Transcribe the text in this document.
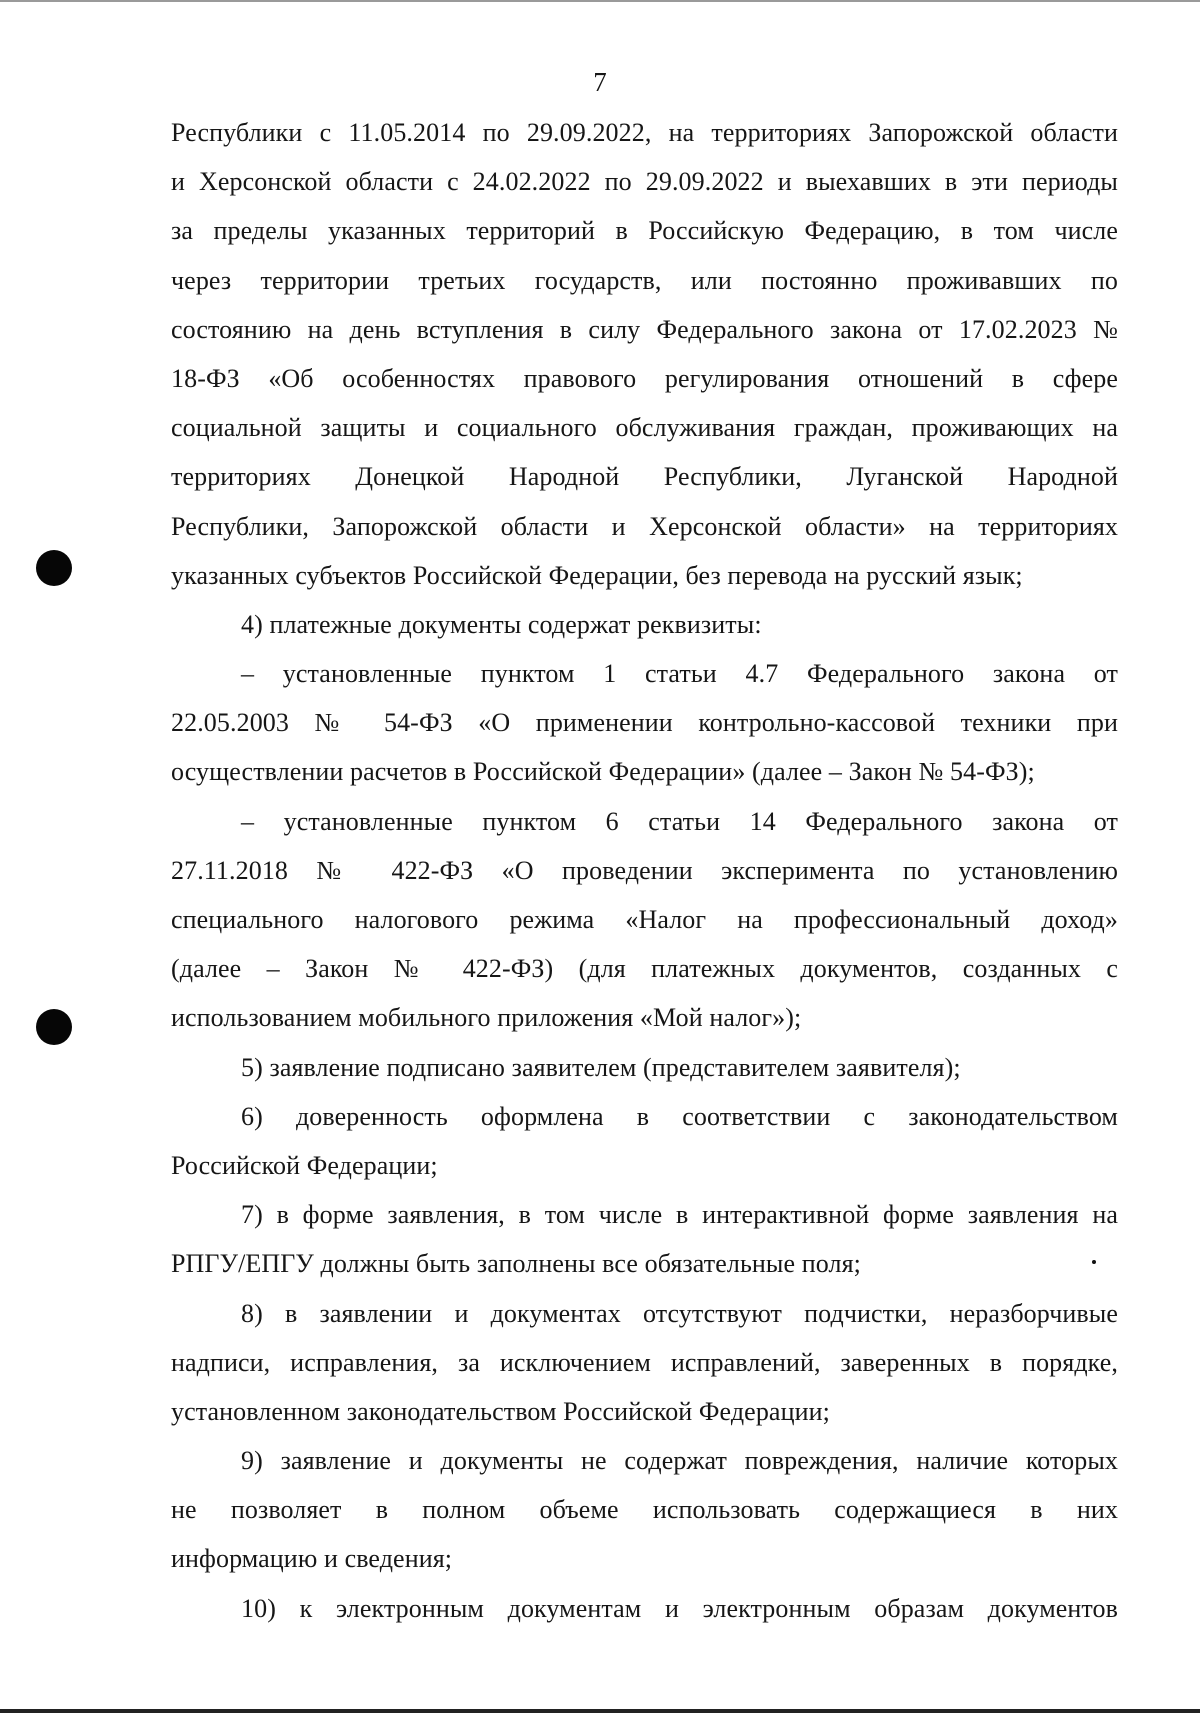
7
Республики с 11.05.2014 по 29.09.2022, на территориях Запорожской области
и Херсонской области с 24.02.2022 по 29.09.2022 и выехавших в эти периоды
за пределы указанных территорий в Российскую Федерацию, в том числе
через территории третьих государств, или постоянно проживавших по
состоянию на день вступления в силу Федерального закона от 17.02.2023 №
18-ФЗ «Об особенностях правового регулирования отношений в сфере
социальной защиты и социального обслуживания граждан, проживающих на
территориях Донецкой Народной Республики, Луганской Народной
Республики, Запорожской области и Херсонской области» на территориях
указанных субъектов Российской Федерации, без перевода на русский язык;
4) платежные документы содержат реквизиты:
– установленные пунктом 1 статьи 4.7 Федерального закона от
22.05.2003 № 54-ФЗ «О применении контрольно-кассовой техники при
осуществлении расчетов в Российской Федерации» (далее – Закон № 54-ФЗ);
– установленные пунктом 6 статьи 14 Федерального закона от
27.11.2018 № 422-ФЗ «О проведении эксперимента по установлению
специального налогового режима «Налог на профессиональный доход»
(далее – Закон № 422-ФЗ) (для платежных документов, созданных с
использованием мобильного приложения «Мой налог»);
5) заявление подписано заявителем (представителем заявителя);
6) доверенность оформлена в соответствии с законодательством
Российской Федерации;
7) в форме заявления, в том числе в интерактивной форме заявления на
РПГУ/ЕПГУ должны быть заполнены все обязательные поля;
8) в заявлении и документах отсутствуют подчистки, неразборчивые
надписи, исправления, за исключением исправлений, заверенных в порядке,
установленном законодательством Российской Федерации;
9) заявление и документы не содержат повреждения, наличие которых
не позволяет в полном объеме использовать содержащиеся в них
информацию и сведения;
10) к электронным документам и электронным образам документов
